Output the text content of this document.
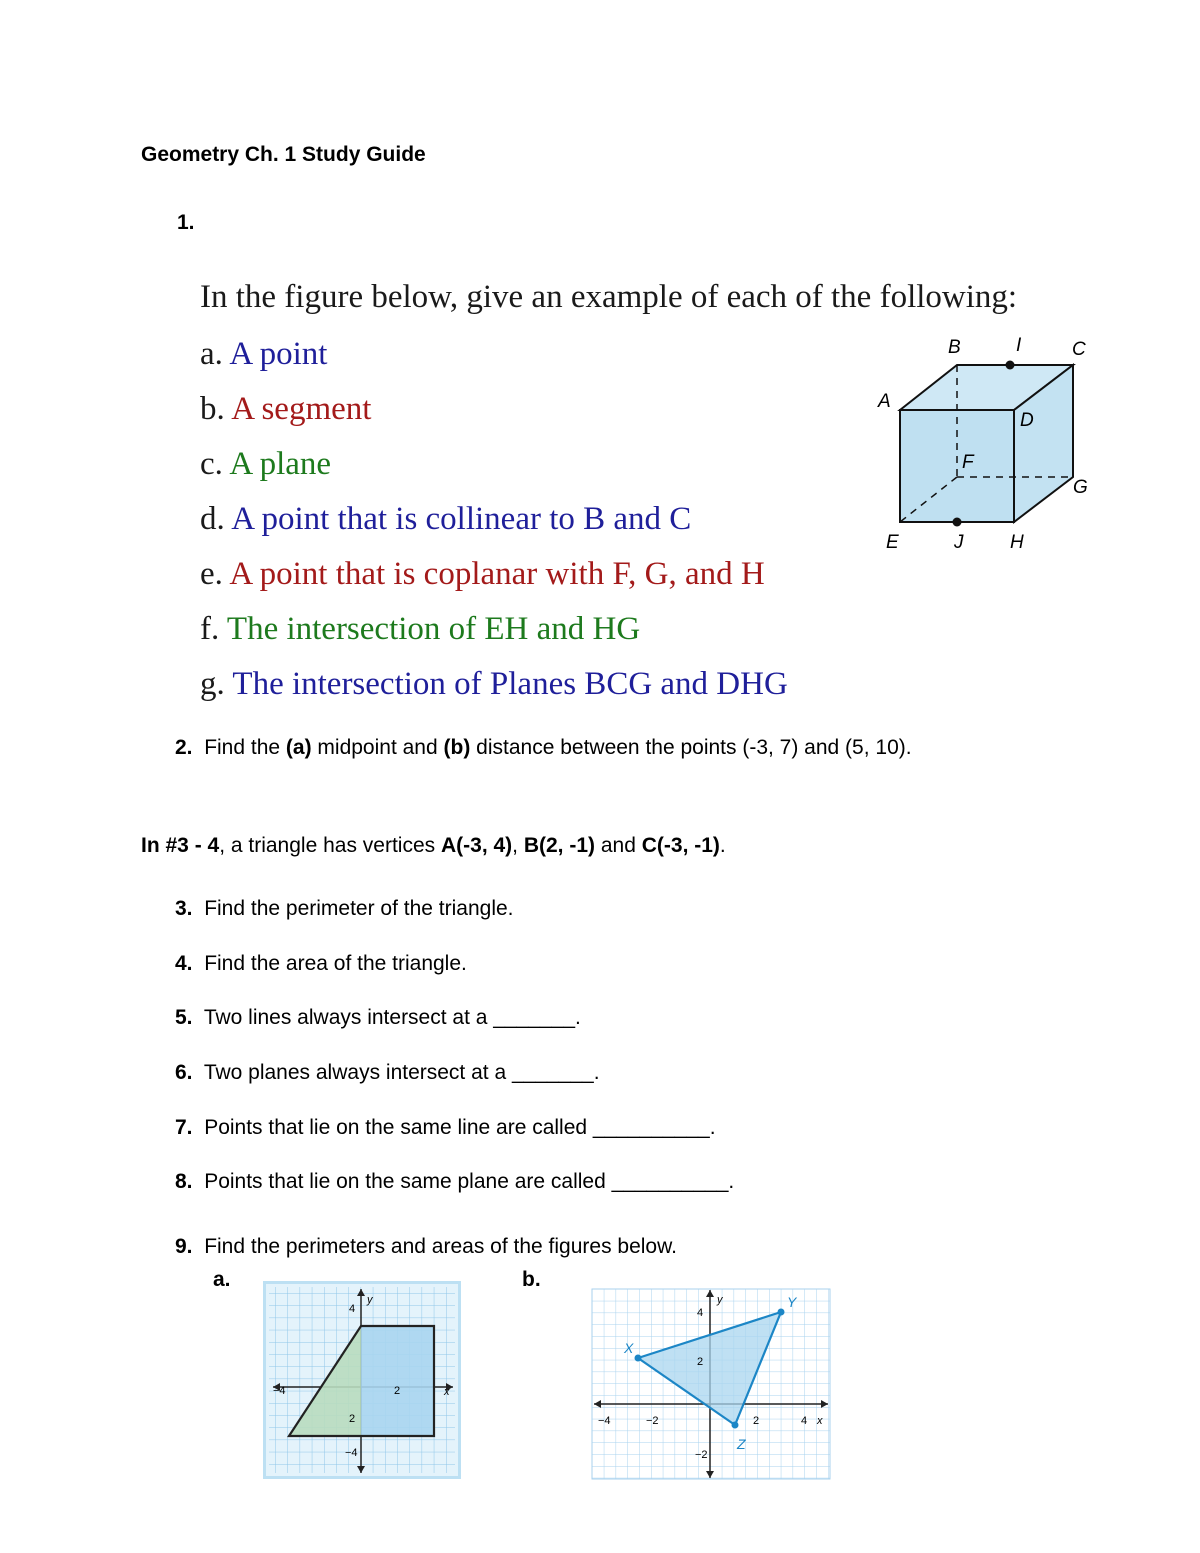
Geometry Ch. 1 Study Guide
1.
In the figure below, give an example of each of the following:
a. A point
b. A segment
c. A plane
d. A point that is collinear to B and C
e. A point that is coplanar with F, G, and H
f. The intersection of EH and HG
g. The intersection of Planes BCG and DHG
B	I	C
A
D
F
G
E	J H
2. Find the (a) midpoint and (b) distance between the points (-3, 7) and (5, 10).
In #3 - 4, a triangle has vertices A(-3, 4), B(2, -1) and C(-3, -1).
3. Find the perimeter of the triangle.
4. Find the area of the triangle.
5. Two lines always intersect at a _______.
6. Two planes always intersect at a _______.
7. Points that lie on the same line are called __________.
8. Points that lie on the same plane are called __________.
9. Find the perimeters and areas of the figures below.
a.	b.
−4	2	x
4
2
−4
y
X
Y
Z
−4	−2	2	4 x
4
2
−2
y
